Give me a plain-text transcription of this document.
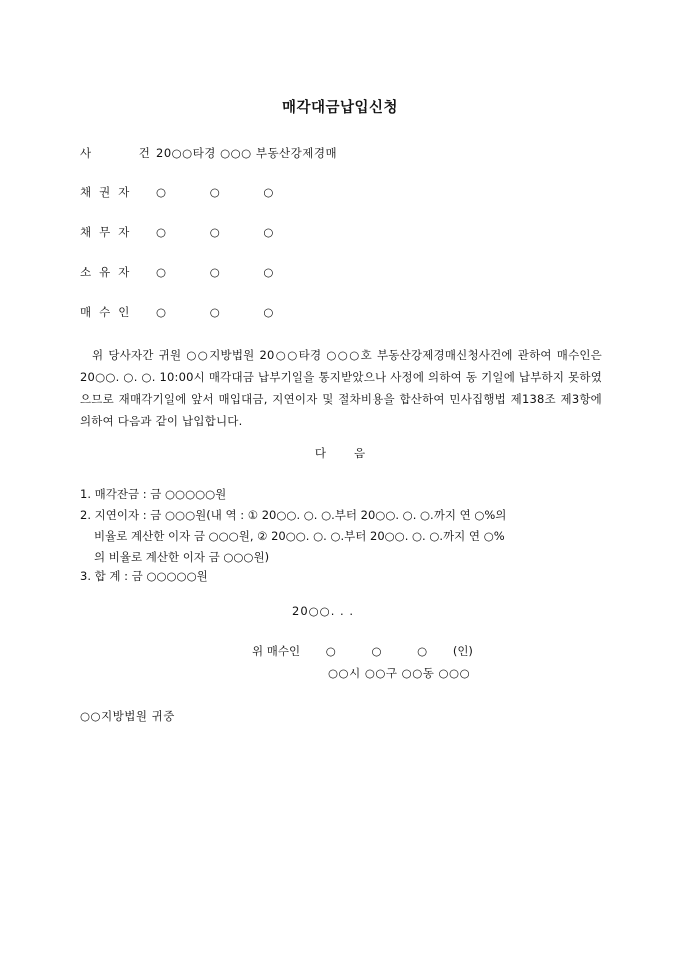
매각대금납입신청
사 건
20○○타경 ○○○ 부동산강제경매
채권자 ○ ○ ○
채무자 ○ ○ ○
소유자 ○ ○ ○
매수인 ○ ○ ○
위 당사자간 귀원 ○○지방법원 20○○타경 ○○○호 부동산강제경매신청사건에 관하여 매수인은 20○○. ○. ○. 10:00시 매각대금 납부기일을 통지받았으나 사정에 의하여 동 기일에 납부하지 못하였으므로 재매각기일에 앞서 매입대금, 지연이자 및 절차비용을 합산하여 민사집행법 제138조 제3항에 의하여 다음과 같이 납입합니다.
다음
1. 매각잔금 : 금 ○○○○○원
2. 지연이자 : 금 ○○○원(내 역 : ① 20○○. ○. ○.부터 20○○. ○. ○.까지 연 ○%의
비율로 계산한 이자 금 ○○○원, ② 20○○. ○. ○.부터 20○○. ○. ○.까지 연 ○%
의 비율로 계산한 이자 금 ○○○원)
3. 합 계 : 금 ○○○○○원
20○○. . .
위 매수인 ○ ○ ○ (인)
○○시 ○○구 ○○동 ○○○
○○지방법원 귀중
